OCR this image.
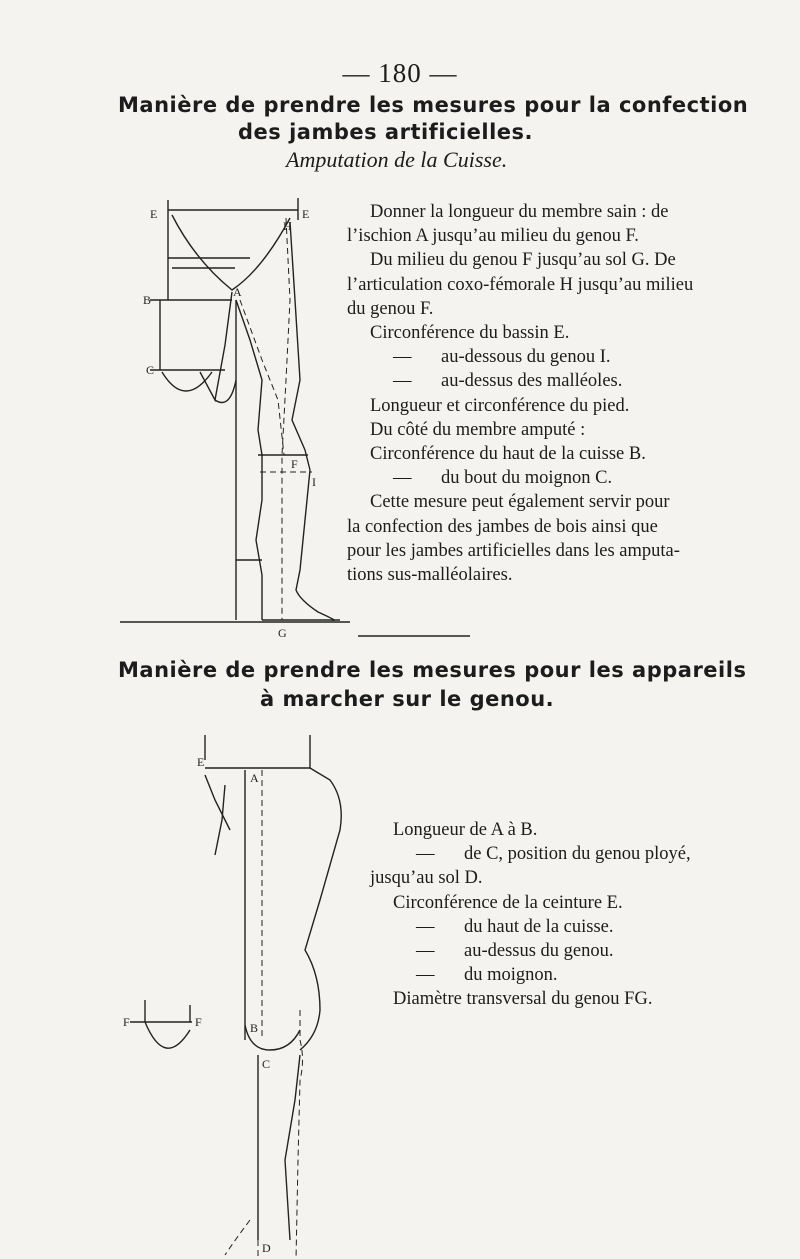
— 180 —
Manière de prendre les mesures pour la confection
des jambes artificielles.
Amputation de la Cuisse.
Donner la longueur du membre sain : de
l’ischion A jusqu’au milieu du genou F.
Du milieu du genou F jusqu’au sol G. De
l’articulation coxo-fémorale H jusqu’au milieu
du genou F.
Circonférence du bassin E.
— au-dessous du genou I.
— au-dessus des malléoles.
Longueur et circonférence du pied.
Du côté du membre amputé :
Circonférence du haut de la cuisse B.
— du bout du moignon C.
Cette mesure peut également servir pour
la confection des jambes de bois ainsi que
pour les jambes artificielles dans les amputa-
tions sus-malléolaires.
E	E
H
A
B
C
F
I
G
Manière de prendre les mesures pour les appareils
à marcher sur le genou.
Longueur de A à B.
— de C, position du genou ployé,
jusqu’au sol D.
Circonférence de la ceinture E.
— du haut de la cuisse.
— au-dessus du genou.
— du moignon.
Diamètre transversal du genou FG.
E
A
F	F	B
C
D
